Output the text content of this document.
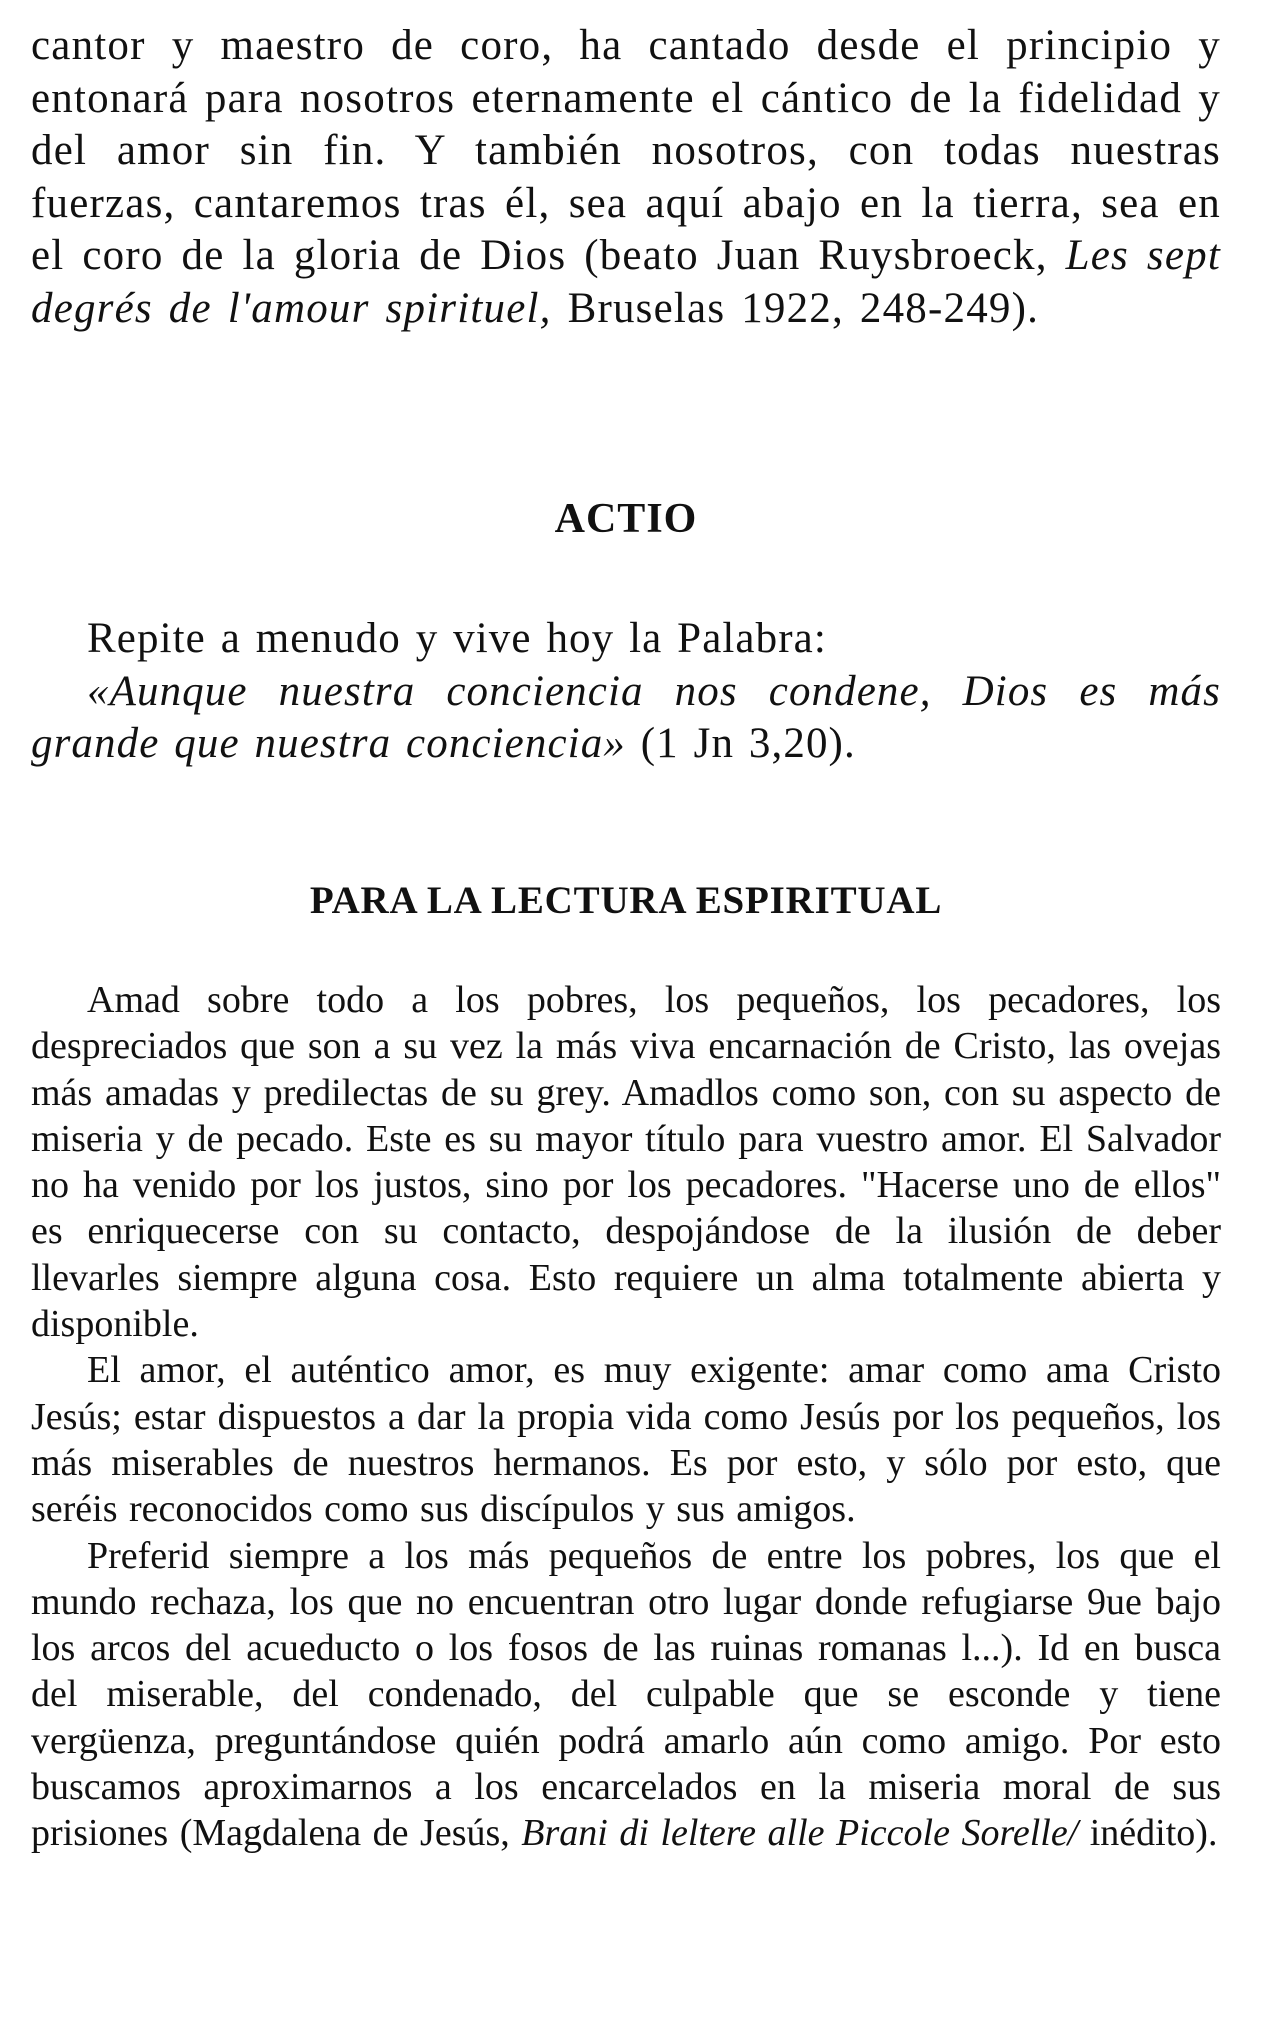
cantor y maestro de coro, ha cantado desde el principio y entonará para nosotros eternamente el cántico de la fidelidad y del amor sin fin. Y también nosotros, con todas nuestras fuerzas, cantaremos tras él, sea aquí abajo en la tierra, sea en el coro de la gloria de Dios (beato Juan Ruysbroeck, Les sept degrés de l'amour spirituel, Bruselas 1922, 248-249).

ACTIO

Repite a menudo y vive hoy la Palabra:

«Aunque nuestra conciencia nos condene, Dios es más grande que nuestra conciencia» (1 Jn 3,20).

PARA LA LECTURA ESPIRITUAL

Amad sobre todo a los pobres, los pequeños, los pecadores, los despreciados que son a su vez la más viva encarnación de Cristo, las ovejas más amadas y predilectas de su grey. Amadlos como son, con su aspecto de miseria y de pecado. Este es su mayor título para vuestro amor. El Salvador no ha venido por los justos, sino por los pecadores. "Hacerse uno de ellos" es enriquecerse con su contacto, despojándose de la ilusión de deber llevarles siempre alguna cosa. Esto requiere un alma totalmente abierta y disponible.

El amor, el auténtico amor, es muy exigente: amar como ama Cristo Jesús; estar dispuestos a dar la propia vida como Jesús por los pequeños, los más miserables de nuestros hermanos. Es por esto, y sólo por esto, que seréis reconocidos como sus discípulos y sus amigos.

Preferid siempre a los más pequeños de entre los pobres, los que el mundo rechaza, los que no encuentran otro lugar donde refugiarse 9ue bajo los arcos del acueducto o los fosos de las ruinas romanas l...). Id en busca del miserable, del condenado, del culpable que se esconde y tiene vergüenza, preguntándose quién podrá amarlo aún como amigo. Por esto buscamos aproximarnos a los encarcelados en la miseria moral de sus prisiones (Magdalena de Jesús, Brani di leltere alle Piccole Sorelle/ inédito).
